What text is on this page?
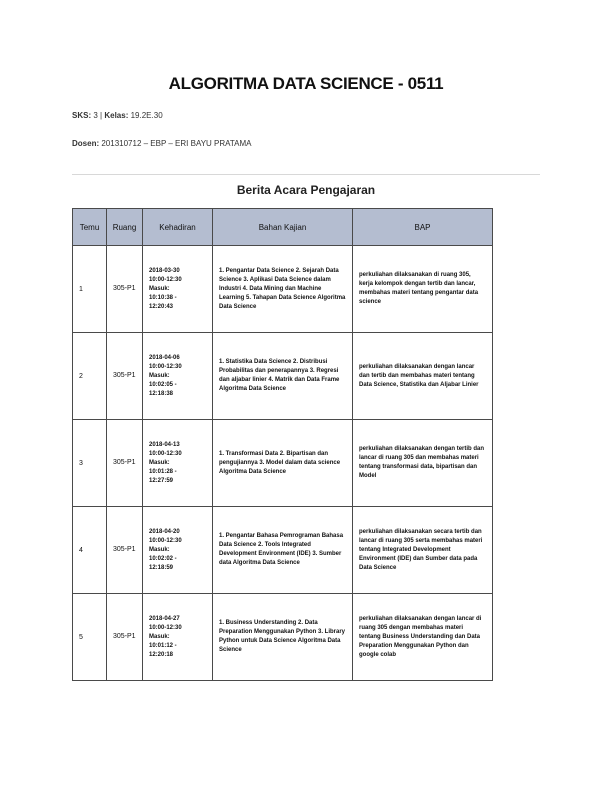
ALGORITMA DATA SCIENCE - 0511
SKS: 3 | Kelas: 19.2E.30
Dosen: 201310712 – EBP – ERI BAYU PRATAMA
Berita Acara Pengajaran
Temu	Ruang	Kehadiran	Bahan Kajian	BAP
1	305-P1	2018-03-30
10:00-12:30
Masuk:
10:10:38 -
12:20:43	1. Pengantar Data Science 2. Sejarah Data Science 3. Aplikasi Data Science dalam Industri 4. Data Mining dan Machine Learning 5. Tahapan Data Science Algoritma Data Science	perkuliahan dilaksanakan di ruang 305, kerja kelompok dengan tertib dan lancar, membahas materi tentang pengantar data science
2	305-P1	2018-04-06
10:00-12:30
Masuk:
10:02:05 -
12:18:38	1. Statistika Data Science 2. Distribusi Probabilitas dan penerapannya 3. Regresi dan aljabar linier 4. Matrik dan Data Frame Algoritma Data Science	perkuliahan dilaksanakan dengan lancar dan tertib dan membahas materi tentang Data Science, Statistika dan Aljabar Linier
3	305-P1	2018-04-13
10:00-12:30
Masuk:
10:01:28 -
12:27:59	1. Transformasi Data 2. Bipartisan dan pengujiannya 3. Model dalam data science Algoritma Data Science	perkuliahan dilaksanakan dengan tertib dan lancar di ruang 305 dan membahas materi tentang transformasi data, bipartisan dan Model
4	305-P1	2018-04-20
10:00-12:30
Masuk:
10:02:02 -
12:18:59	1. Pengantar Bahasa Pemrograman Bahasa Data Science 2. Tools Integrated Development Environment (IDE) 3. Sumber data Algoritma Data Science	perkuliahan dilaksanakan secara tertib dan lancar di ruang 305 serta membahas materi tentang Integrated Development Environment (IDE) dan Sumber data pada Data Science
5	305-P1	2018-04-27
10:00-12:30
Masuk:
10:01:12 -
12:20:18	1. Business Understanding 2. Data Preparation Menggunakan Python 3. Library Python untuk Data Science Algoritma Data Science	perkuliahan dilaksanakan dengan lancar di ruang 305 dengan membahas materi tentang Business Understanding dan Data Preparation Menggunakan Python dan google colab
